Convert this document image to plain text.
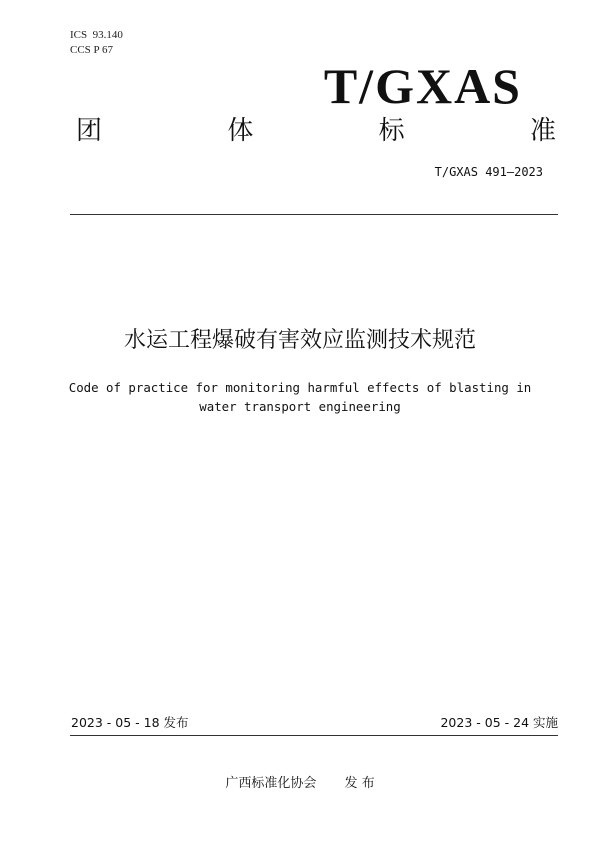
ICS  93.140
CCS P 67
T/GXAS
团	体	标	准
T/GXAS 491—2023
水运工程爆破有害效应监测技术规范
Code of practice for monitoring harmful effects of blasting in
water transport engineering
2023 - 05 - 18 发布	2023 - 05 - 24 实施
广西标准化协会 发 布
